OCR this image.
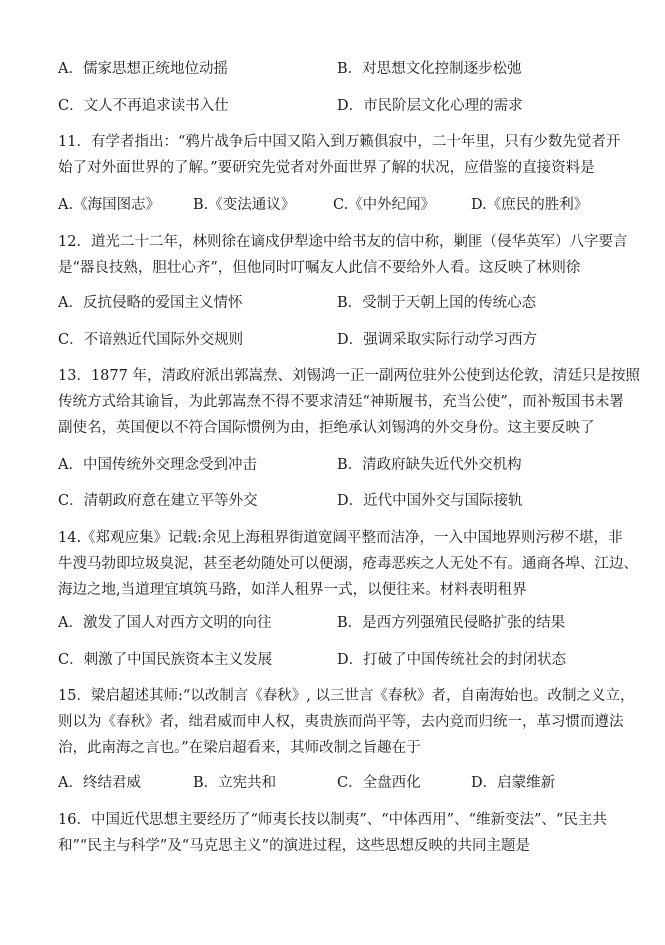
A．儒家思想正统地位动摇	B．对思想文化控制逐步松弛
C．文人不再追求读书入仕	D．市民阶层文化心理的需求
11．有学者指出：“鸦片战争后中国又陷入到万籁俱寂中，二十年里，只有少数先觉者开
始了对外面世界的了解。”要研究先觉者对外面世界了解的状况，应借鉴的直接资料是
A.《海国图志》 B.《变法通议》	C.《中外纪闻》 D.《庶民的胜利》
12．道光二十二年，林则徐在谪戍伊犁途中给书友的信中称，剿匪（侵华英军）八字要言
是“器良技熟，胆壮心齐”，但他同时叮嘱友人此信不要给外人看。这反映了林则徐
A．反抗侵略的爱国主义情怀	B．受制于天朝上国的传统心态
C．不谙熟近代国际外交规则	D．强调采取实际行动学习西方
13．1877 年，清政府派出郭嵩焘、刘锡鸿一正一副两位驻外公使到达伦敦，清廷只是按照
传统方式给其谕旨，为此郭嵩焘不得不要求清廷“神斯履书，充当公使”，而补叛国书未署
副使名，英国便以不符合国际惯例为由，拒绝承认刘锡鸿的外交身份。这主要反映了
A．中国传统外交理念受到冲击	B．清政府缺失近代外交机构
C．清朝政府意在建立平等外交	D．近代中国外交与国际接轨
14.《郑观应集》记载:余见上海租界街道宽阔平整而洁净，一入中国地界则污秽不堪，非
牛溲马勃即垃圾臭泥，甚至老幼随处可以便溺，疮毒恶疾之人无处不有。通商各埠、江边、
海边之地,当道理宜填筑马路，如洋人租界一式，以便往来。材料表明租界
A．激发了国人对西方文明的向往	B．是西方列强殖民侵略扩张的结果
C．刺激了中国民族资本主义发展	D．打破了中国传统社会的封闭状态
15．梁启超述其师:“以改制言《春秋》, 以三世言《春秋》者，自南海始也。改制之义立，
则以为《春秋》者，绌君威而申人权，夷贵族而尚平等，去内竞而归统一，革习惯而遵法
治，此南海之言也。”在梁启超看来，其师改制之旨趣在于
A．终结君威	B．立宪共和	C．全盘西化	D．启蒙维新
16．中国近代思想主要经历了“师夷长技以制夷”、“中体西用”、“维新变法”、“民主共
和”“民主与科学”及“马克思主义”的演进过程，这些思想反映的共同主题是
